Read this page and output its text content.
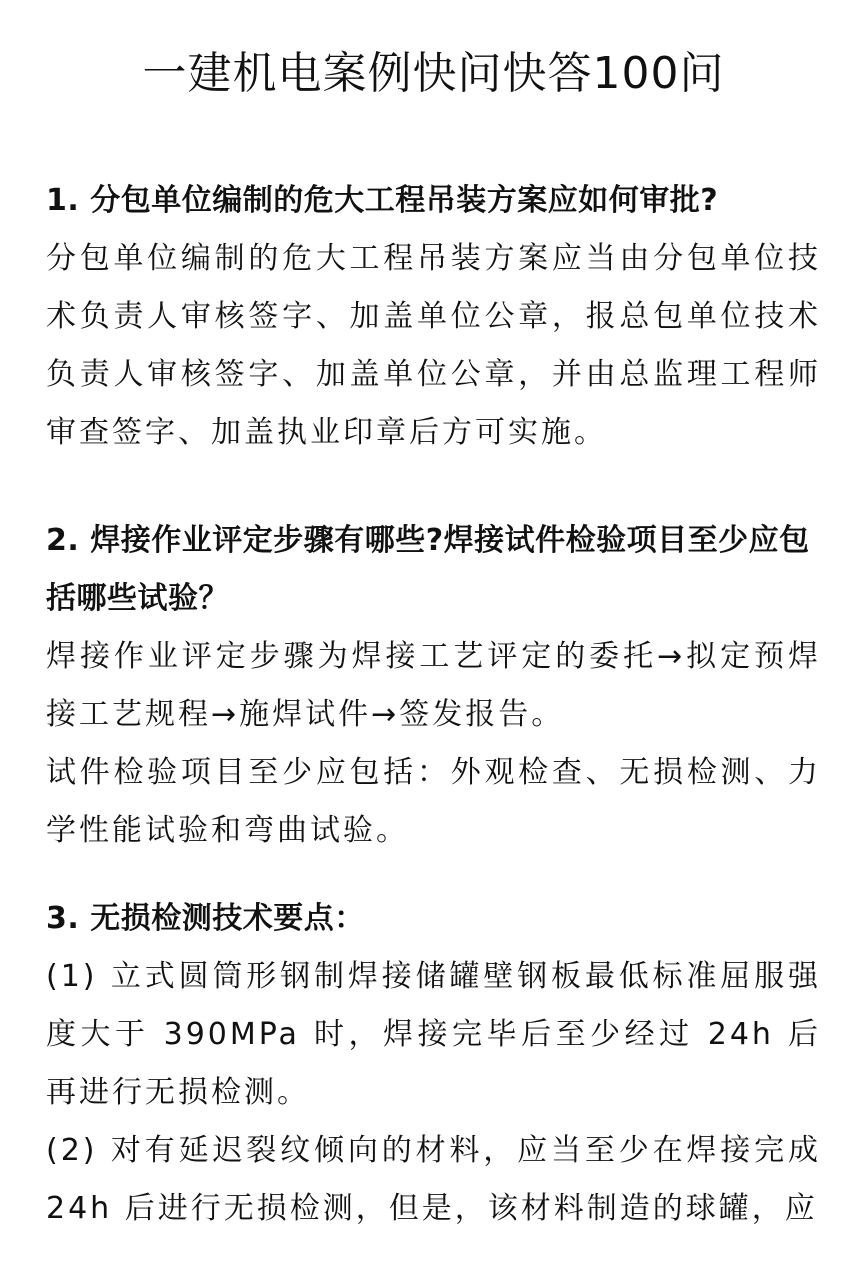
一建机电案例快问快答100问

1. 分包单位编制的危大工程吊装方案应如何审批?

分包单位编制的危大工程吊装方案应当由分包单位技术负责人审核签字、加盖单位公章，报总包单位技术负责人审核签字、加盖单位公章，并由总监理工程师审查签字、加盖执业印章后方可实施。

2. 焊接作业评定步骤有哪些?焊接试件检验项目至少应包括哪些试验？

焊接作业评定步骤为焊接工艺评定的委托→拟定预焊接工艺规程→施焊试件→签发报告。

试件检验项目至少应包括：外观检查、无损检测、力学性能试验和弯曲试验。

3. 无损检测技术要点：

(1) 立式圆筒形钢制焊接储罐壁钢板最低标准屈服强度大于 390MPa 时，焊接完毕后至少经过 24h 后再进行无损检测。

(2) 对有延迟裂纹倾向的材料，应当至少在焊接完成 24h 后进行无损检测，但是，该材料制造的球罐，应
